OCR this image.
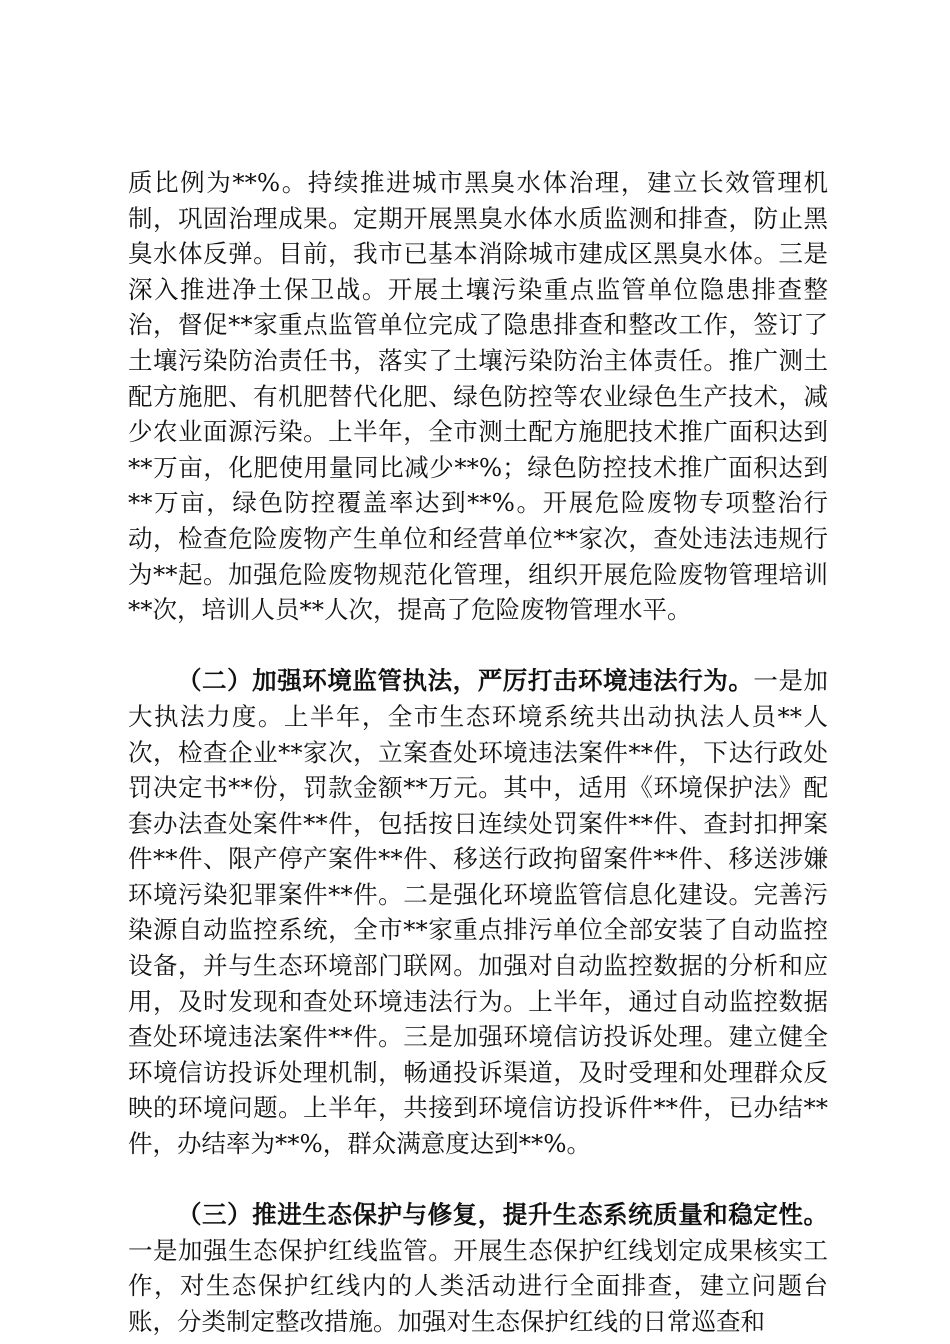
质比例为**%。持续推进城市黑臭水体治理，建立长效管理机制，巩固治理成果。定期开展黑臭水体水质监测和排查，防止黑臭水体反弹。目前，我市已基本消除城市建成区黑臭水体。三是深入推进净土保卫战。开展土壤污染重点监管单位隐患排查整治，督促**家重点监管单位完成了隐患排查和整改工作，签订了土壤污染防治责任书，落实了土壤污染防治主体责任。推广测土配方施肥、有机肥替代化肥、绿色防控等农业绿色生产技术，减少农业面源污染。上半年，全市测土配方施肥技术推广面积达到**万亩，化肥使用量同比减少**%；绿色防控技术推广面积达到**万亩，绿色防控覆盖率达到**%。开展危险废物专项整治行动，检查危险废物产生单位和经营单位**家次，查处违法违规行为**起。加强危险废物规范化管理，组织开展危险废物管理培训**次，培训人员**人次，提高了危险废物管理水平。

（二）加强环境监管执法，严厉打击环境违法行为。一是加大执法力度。上半年，全市生态环境系统共出动执法人员**人次，检查企业**家次，立案查处环境违法案件**件，下达行政处罚决定书**份，罚款金额**万元。其中，适用《环境保护法》配套办法查处案件**件，包括按日连续处罚案件**件、查封扣押案件**件、限产停产案件**件、移送行政拘留案件**件、移送涉嫌环境污染犯罪案件**件。二是强化环境监管信息化建设。完善污染源自动监控系统，全市**家重点排污单位全部安装了自动监控设备，并与生态环境部门联网。加强对自动监控数据的分析和应用，及时发现和查处环境违法行为。上半年，通过自动监控数据查处环境违法案件**件。三是加强环境信访投诉处理。建立健全环境信访投诉处理机制，畅通投诉渠道，及时受理和处理群众反映的环境问题。上半年，共接到环境信访投诉件**件，已办结**件，办结率为**%，群众满意度达到**%。

（三）推进生态保护与修复，提升生态系统质量和稳定性。一是加强生态保护红线监管。开展生态保护红线划定成果核实工作，对生态保护红线内的人类活动进行全面排查，建立问题台账，分类制定整改措施。加强对生态保护红线的日常巡查和
